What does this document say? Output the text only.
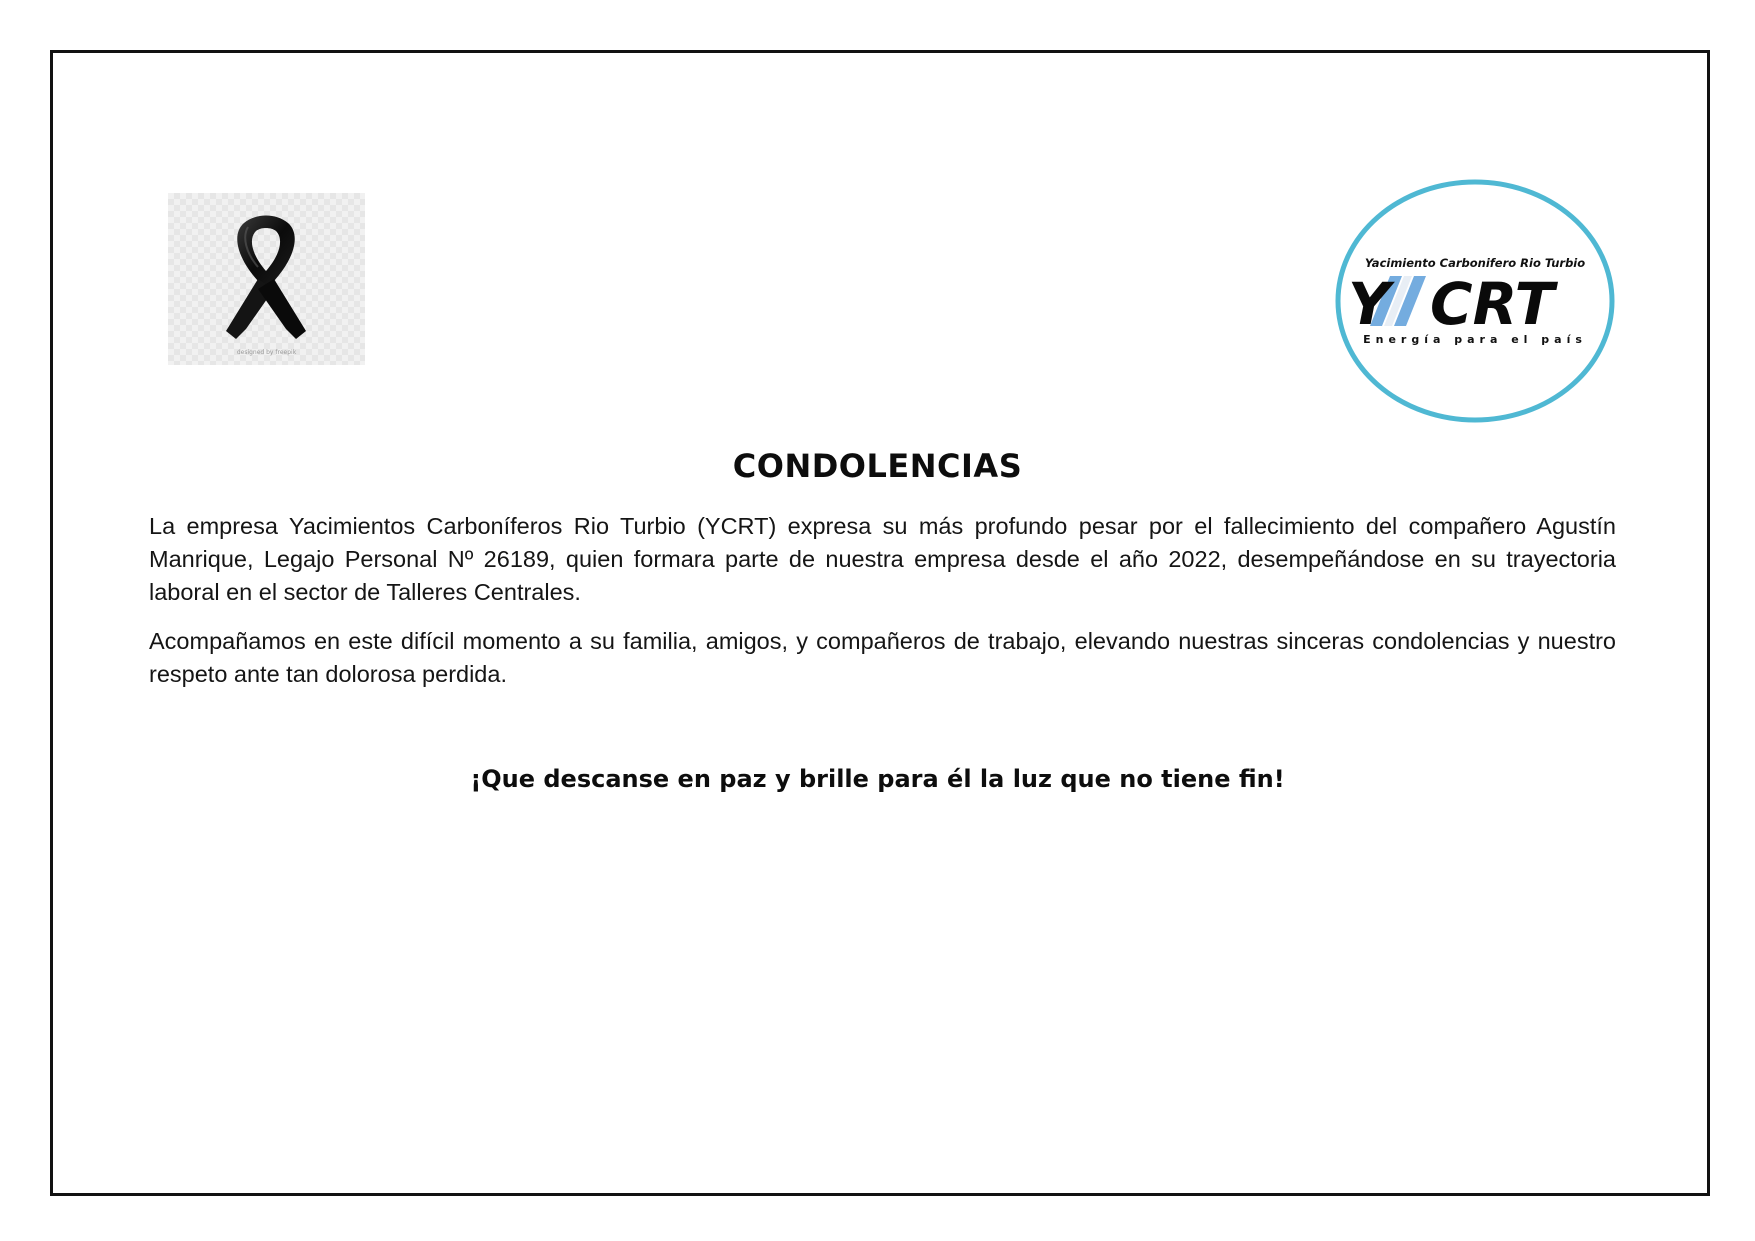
designed by freepik
Yacimiento Carbonifero Rio Turbio
Y CRT
Energía para el país
CONDOLENCIAS

La empresa Yacimientos Carboníferos Rio Turbio (YCRT) expresa su más profundo pesar por el fallecimiento del compañero Agustín Manrique, Legajo Personal Nº 26189, quien formara parte de nuestra empresa desde el año 2022, desempeñándose en su trayectoria laboral en el sector de Talleres Centrales.

Acompañamos en este difícil momento a su familia, amigos, y compañeros de trabajo, elevando nuestras sinceras condolencias y nuestro respeto ante tan dolorosa perdida.

¡Que descanse en paz y brille para él la luz que no tiene fin!
